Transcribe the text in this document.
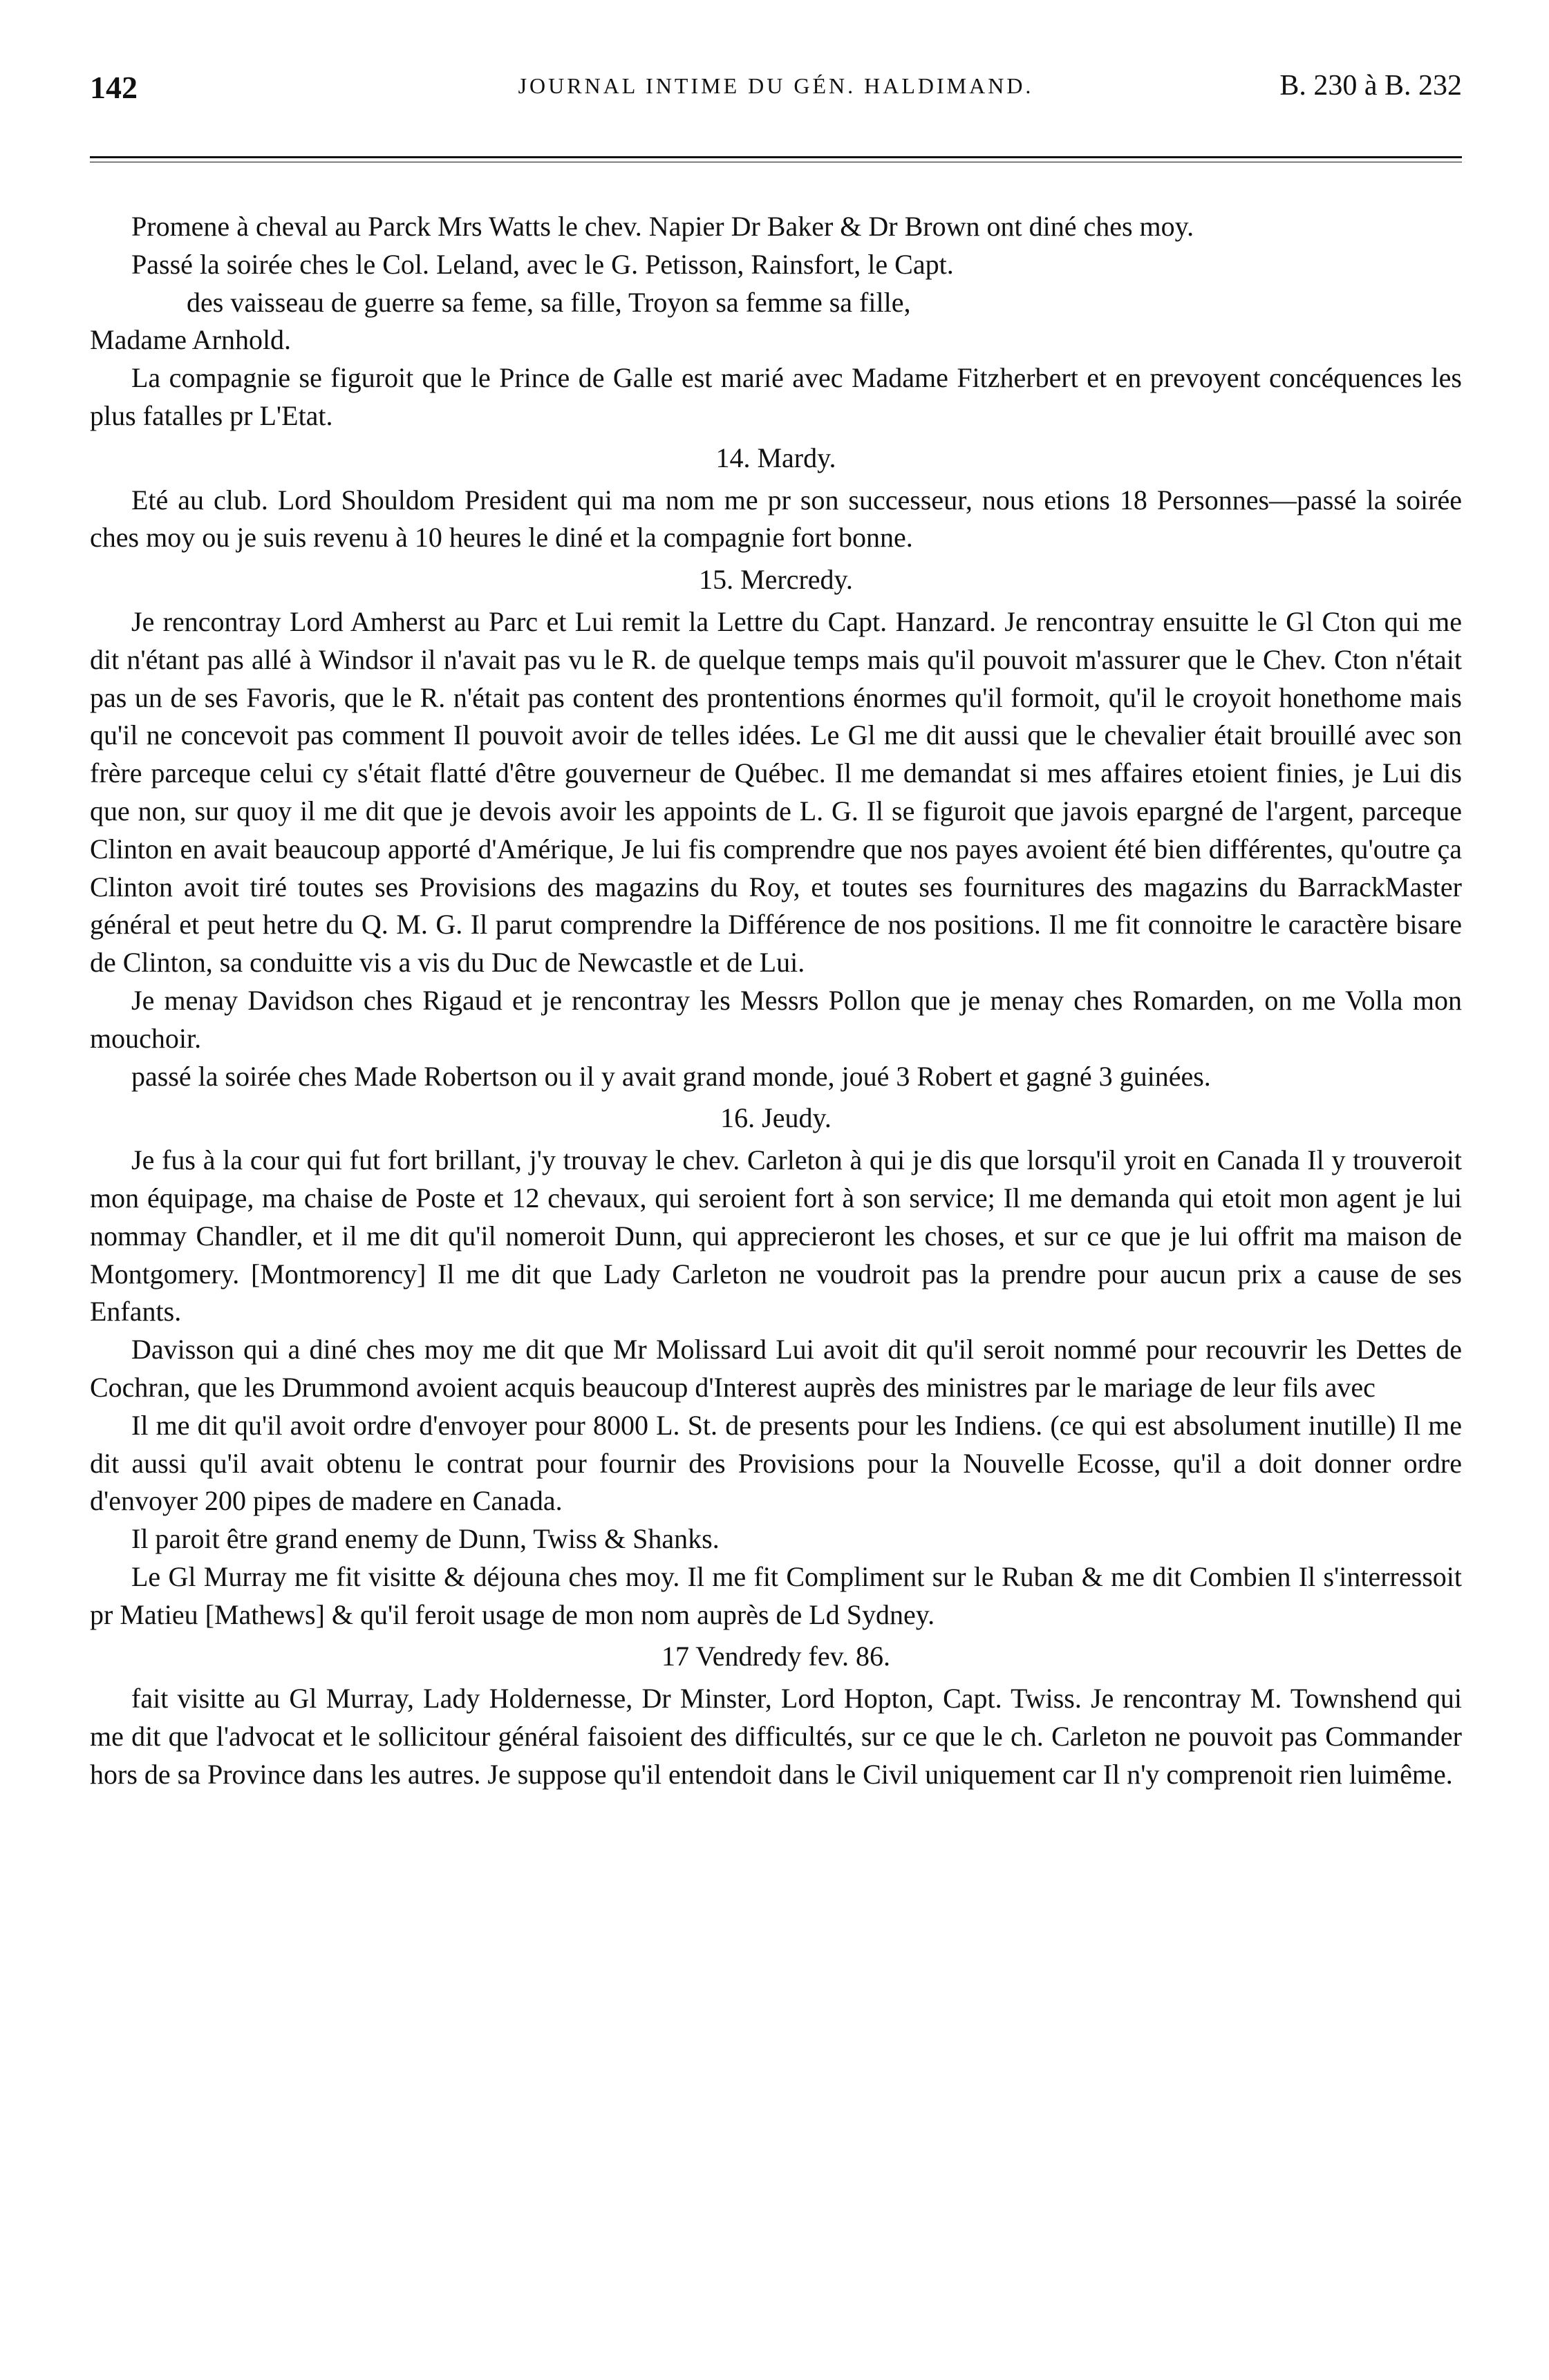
142	JOURNAL INTIME DU GÉN. HALDIMAND.	B. 230 à B. 232

Promene à cheval au Parck Mrs Watts le chev. Napier Dr Baker & Dr Brown ont diné ches moy.

Passé la soirée ches le Col. Leland, avec le G. Petisson, Rainsfort, le Capt.

des vaisseau de guerre sa feme, sa fille, Troyon sa femme sa fille,

Madame Arnhold.

La compagnie se figuroit que le Prince de Galle est marié avec Madame Fitzherbert et en prevoyent concéquences les plus fatalles pr L'Etat.

14. Mardy.

Eté au club. Lord Shouldom President qui ma nom me pr son successeur, nous etions 18 Personnes—passé la soirée ches moy ou je suis revenu à 10 heures le diné et la compagnie fort bonne.

15. Mercredy.

Je rencontray Lord Amherst au Parc et Lui remit la Lettre du Capt. Hanzard. Je rencontray ensuitte le Gl Cton qui me dit n'étant pas allé à Windsor il n'avait pas vu le R. de quelque temps mais qu'il pouvoit m'assurer que le Chev. Cton n'était pas un de ses Favoris, que le R. n'était pas content des prontentions énormes qu'il formoit, qu'il le croyoit honethome mais qu'il ne concevoit pas comment Il pouvoit avoir de telles idées. Le Gl me dit aussi que le chevalier était brouillé avec son frère parceque celui cy s'était flatté d'être gouverneur de Québec. Il me demandat si mes affaires etoient finies, je Lui dis que non, sur quoy il me dit que je devois avoir les appoints de L. G. Il se figuroit que javois epargné de l'argent, parceque Clinton en avait beaucoup apporté d'Amérique, Je lui fis comprendre que nos payes avoient été bien différentes, qu'outre ça Clinton avoit tiré toutes ses Provisions des magazins du Roy, et toutes ses fournitures des magazins du BarrackMaster général et peut hetre du Q. M. G. Il parut comprendre la Différence de nos positions. Il me fit connoitre le caractère bisare de Clinton, sa conduitte vis a vis du Duc de Newcastle et de Lui.

Je menay Davidson ches Rigaud et je rencontray les Messrs Pollon que je menay ches Romarden, on me Volla mon mouchoir.

passé la soirée ches Made Robertson ou il y avait grand monde, joué 3 Robert et gagné 3 guinées.

16. Jeudy.

Je fus à la cour qui fut fort brillant, j'y trouvay le chev. Carleton à qui je dis que lorsqu'il yroit en Canada Il y trouveroit mon équipage, ma chaise de Poste et 12 chevaux, qui seroient fort à son service; Il me demanda qui etoit mon agent je lui nommay Chandler, et il me dit qu'il nomeroit Dunn, qui apprecieront les choses, et sur ce que je lui offrit ma maison de Montgomery. [Montmorency] Il me dit que Lady Carleton ne voudroit pas la prendre pour aucun prix a cause de ses Enfants.

Davisson qui a diné ches moy me dit que Mr Molissard Lui avoit dit qu'il seroit nommé pour recouvrir les Dettes de Cochran, que les Drummond avoient acquis beaucoup d'Interest auprès des ministres par le mariage de leur fils avec

Il me dit qu'il avoit ordre d'envoyer pour 8000 L. St. de presents pour les Indiens. (ce qui est absolument inutille) Il me dit aussi qu'il avait obtenu le contrat pour fournir des Provisions pour la Nouvelle Ecosse, qu'il a doit donner ordre d'envoyer 200 pipes de madere en Canada.

Il paroit être grand enemy de Dunn, Twiss & Shanks.

Le Gl Murray me fit visitte & déjouna ches moy. Il me fit Compliment sur le Ruban & me dit Combien Il s'interressoit pr Matieu [Mathews] & qu'il feroit usage de mon nom auprès de Ld Sydney.

17 Vendredy fev. 86.

fait visitte au Gl Murray, Lady Holdernesse, Dr Minster, Lord Hopton, Capt. Twiss. Je rencontray M. Townshend qui me dit que l'advocat et le sollicitour général faisoient des difficultés, sur ce que le ch. Carleton ne pouvoit pas Commander hors de sa Province dans les autres. Je suppose qu'il entendoit dans le Civil uniquement car Il n'y comprenoit rien luimême.
